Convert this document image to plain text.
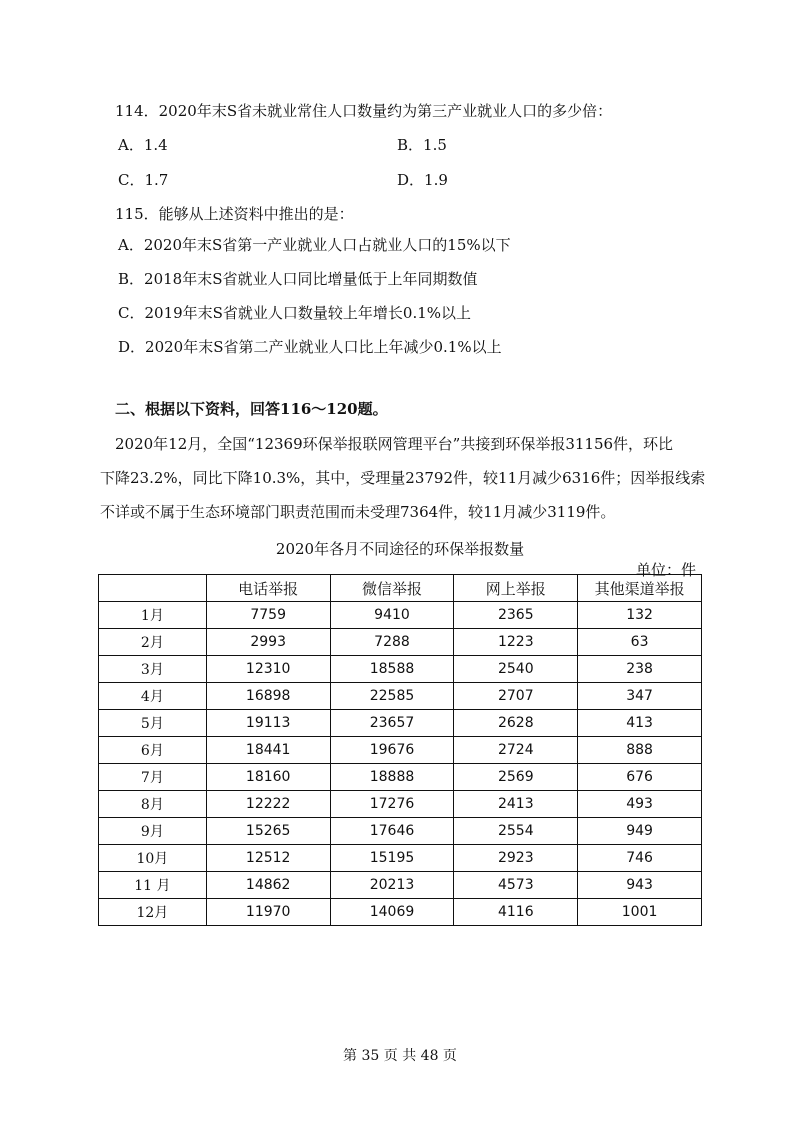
114．2020年末S省未就业常住人口数量约为第三产业就业人口的多少倍：
A．1.4	B．1.5
C．1.7	D．1.9
115．能够从上述资料中推出的是：
A．2020年末S省第一产业就业人口占就业人口的15%以下
B．2018年末S省就业人口同比增量低于上年同期数值
C．2019年末S省就业人口数量较上年增长0.1%以上
D．2020年末S省第二产业就业人口比上年减少0.1%以上
二、根据以下资料，回答116～120题。

2020年12月，全国“12369环保举报联网管理平台”共接到环保举报31156件，环比

下降23.2%，同比下降10.3%，其中，受理量23792件，较11月减少6316件；因举报线索

不详或不属于生态环境部门职责范围而未受理7364件，较11月减少3119件。

2020年各月不同途径的环保举报数量
单位：件
	电话举报	微信举报	网上举报	其他渠道举报
1月	7759	9410	2365	132
2月	2993	7288	1223	63
3月	12310	18588	2540	238
4月	16898	22585	2707	347
5月	19113	23657	2628	413
6月	18441	19676	2724	888
7月	18160	18888	2569	676
8月	12222	17276	2413	493
9月	15265	17646	2554	949
10月	12512	15195	2923	746
11 月	14862	20213	4573	943
12月	11970	14069	4116	1001
第 35 页 共 48 页
